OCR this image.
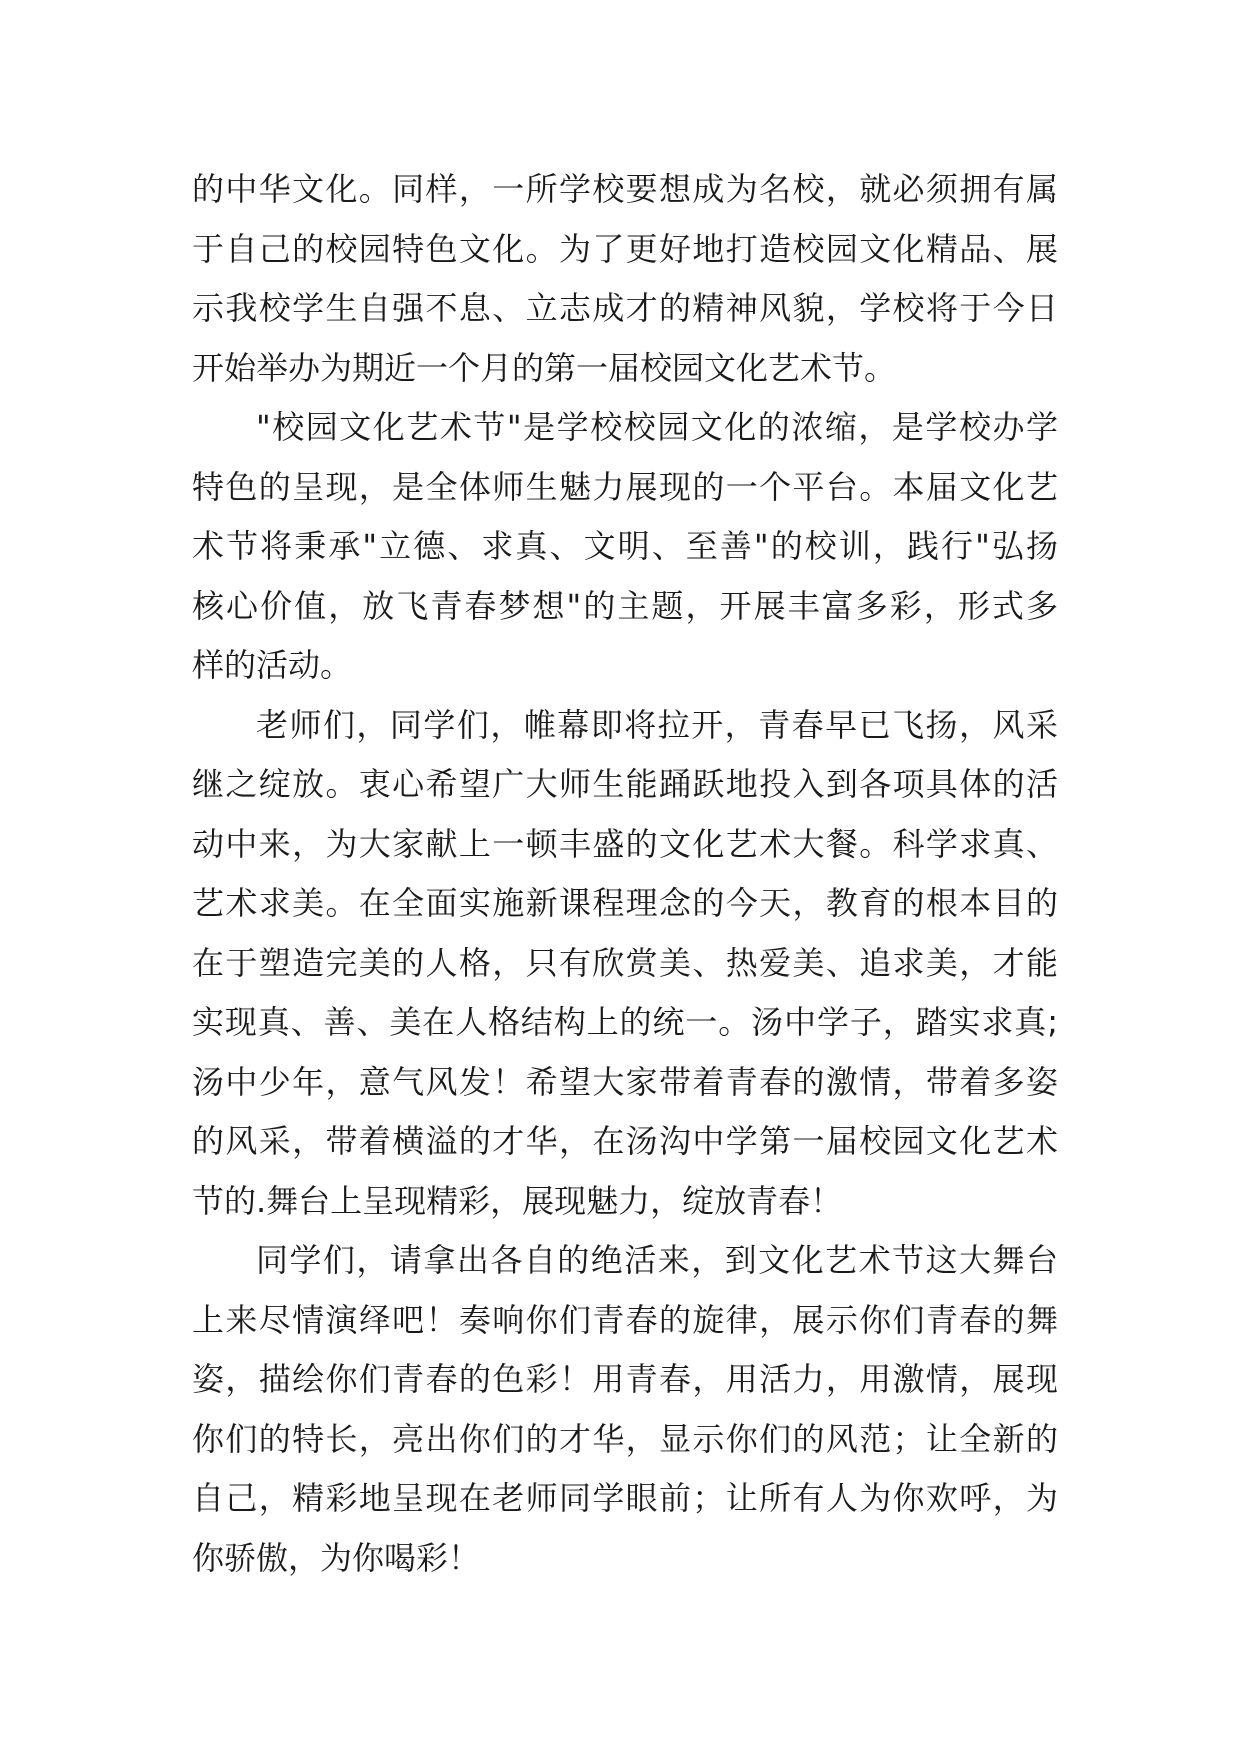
的中华文化。同样，一所学校要想成为名校，就必须拥有属
于自己的校园特色文化。为了更好地打造校园文化精品、展
示我校学生自强不息、立志成才的精神风貌，学校将于今日
开始举办为期近一个月的第一届校园文化艺术节。
"校园文化艺术节"是学校校园文化的浓缩，是学校办学
特色的呈现，是全体师生魅力展现的一个平台。本届文化艺
术节将秉承"立德、求真、文明、至善"的校训，践行"弘扬
核心价值，放飞青春梦想"的主题，开展丰富多彩，形式多
样的活动。
老师们，同学们，帷幕即将拉开，青春早已飞扬，风采
继之绽放。衷心希望广大师生能踊跃地投入到各项具体的活
动中来，为大家献上一顿丰盛的文化艺术大餐。科学求真、
艺术求美。在全面实施新课程理念的今天，教育的根本目的
在于塑造完美的人格，只有欣赏美、热爱美、追求美，才能
实现真、善、美在人格结构上的统一。汤中学子，踏实求真;
汤中少年，意气风发！希望大家带着青春的激情，带着多姿
的风采，带着横溢的才华，在汤沟中学第一届校园文化艺术
节的.舞台上呈现精彩，展现魅力，绽放青春！
同学们，请拿出各自的绝活来，到文化艺术节这大舞台
上来尽情演绎吧！奏响你们青春的旋律，展示你们青春的舞
姿，描绘你们青春的色彩！用青春，用活力，用激情，展现
你们的特长，亮出你们的才华，显示你们的风范；让全新的
自己，精彩地呈现在老师同学眼前；让所有人为你欢呼，为
你骄傲，为你喝彩！
